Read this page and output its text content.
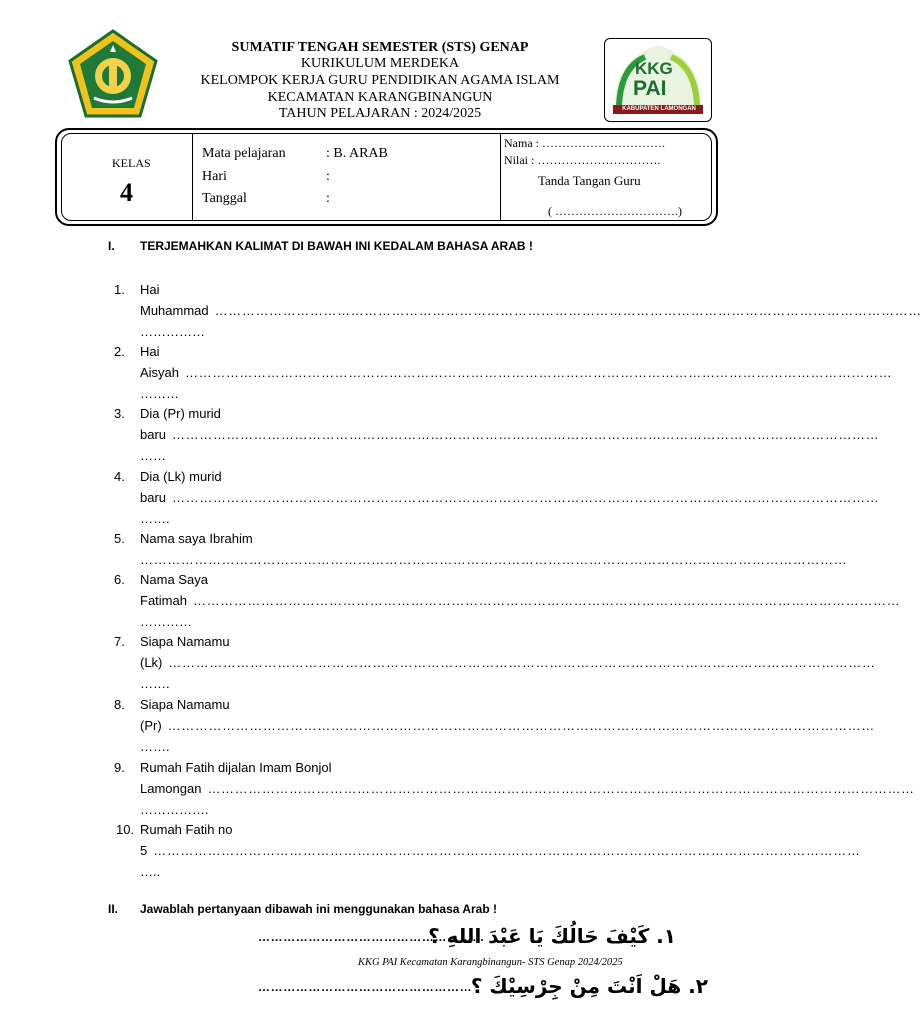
SUMATIF TENGAH SEMESTER (STS) GENAP
KURIKULUM MERDEKA
KELOMPOK KERJA GURU PENDIDIKAN AGAMA ISLAM
KECAMATAN KARANGBINANGUN
TAHUN PELAJARAN : 2024/2025
KKG
PAI
KABUPATEN LAMONGAN
KELAS
4
Mata pelajaran	: B. ARAB
Hari	:
Tanggal	:
Nama : ………………………….
Nilai : ………………………….
Tanda Tangan Guru
( ………………………….)
I. TERJEMAHKAN KALIMAT DI BAWAH INI KEDALAM BAHASA ARAB !
1. Hai
Muhammad …………………………………………………………………………………………………………………………………………
……………
2. Hai
Aisyah …………………………………………………………………………………………………………………………………………
………
3. Dia (Pr) murid
baru …………………………………………………………………………………………………………………………………………
……
4. Dia (Lk) murid
baru …………………………………………………………………………………………………………………………………………
…….
5. Nama saya Ibrahim
…………………………………………………………………………………………………………………………………………
6. Nama Saya
Fatimah …………………………………………………………………………………………………………………………………………
…………
7. Siapa Namamu
(Lk) …………………………………………………………………………………………………………………………………………
…….
8. Siapa Namamu
(Pr) …………………………………………………………………………………………………………………………………………
…….
9. Rumah Fatih dijalan Imam Bonjol
Lamongan …………………………………………………………………………………………………………………………………………
…………….
10. Rumah Fatih no
5 …………………………………………………………………………………………………………………………………………
…..
II. Jawablah pertanyaan dibawah ini menggunakan bahasa Arab !
………………………………………………
١. كَيْفَ حَالُكَ يَا عَبْدَ اللهِ ؟
KKG PAI Kecamatan Karangbinangun- STS Genap 2024/2025
……………………………………………
٢. هَلْ اَنْتَ مِنْ جِرْسِيْكَ ؟
